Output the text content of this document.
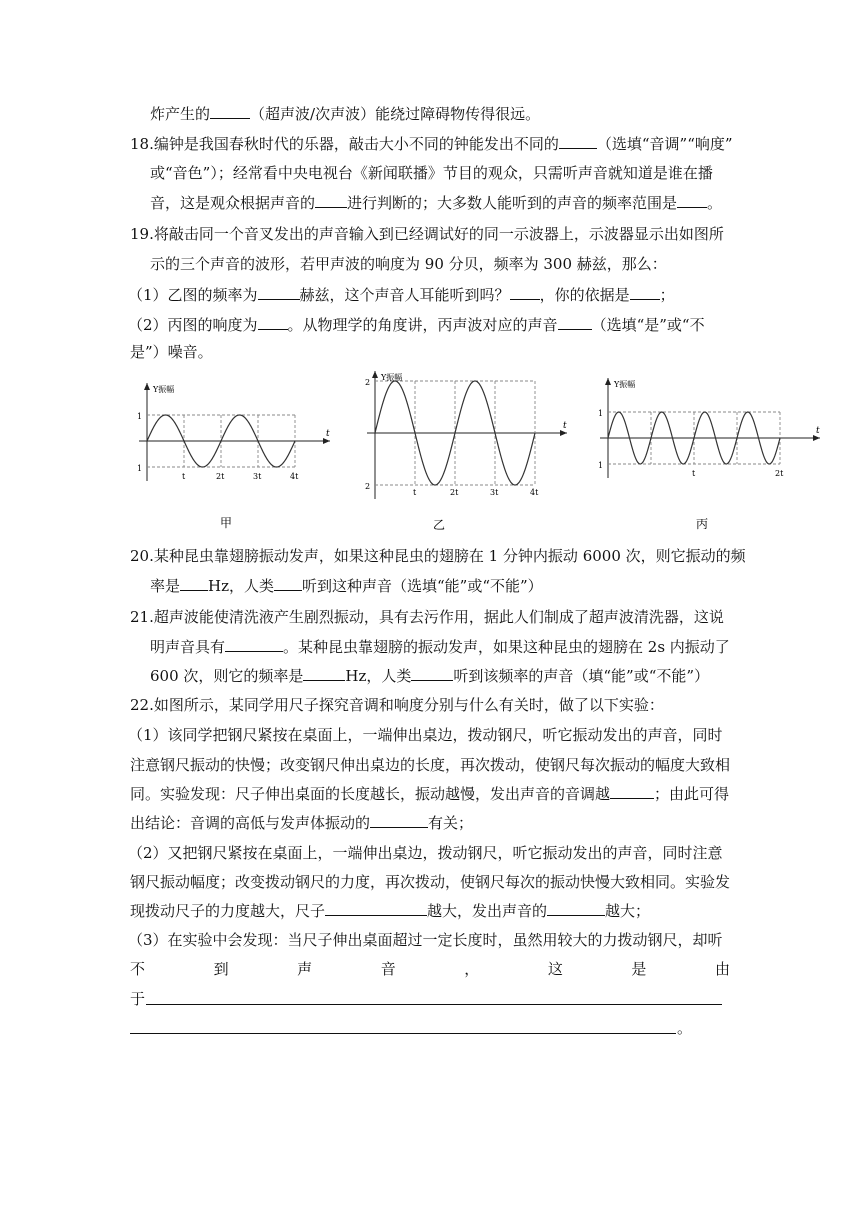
炸产生的	（超声波/次声波）能绕过障碍物传得很远。
18.编钟是我国春秋时代的乐器，敲击大小不同的钟能发出不同的	（选填“音调”“响度”
或“音色”）；经常看中央电视台《新闻联播》节目的观众，只需听声音就知道是谁在播
音，这是观众根据声音的 进行判断的；大多数人能听到的声音的频率范围是 。
19.将敲击同一个音叉发出的声音输入到已经调试好的同一示波器上，示波器显示出如图所
示的三个声音的波形，若甲声波的响度为 90 分贝，频率为 300 赫兹，那么：
（1）乙图的频率为	赫兹，这个声音人耳能听到吗？ ，你的依据是 ；
（2）丙图的响度为 。从物理学的角度讲，丙声波对应的声音 （选填“是”或“不
是”）噪音。
Y振幅
t
1
1
t	2t	3t	4t
甲
Y振幅
t
2
2
t	2t	3t	4t
乙
Y振幅
t
1
1
t	2t
丙
20.某种昆虫靠翅膀振动发声，如果这种昆虫的翅膀在 1 分钟内振动 6000 次，则它振动的频
率是 Hz，人类 听到这种声音（选填“能”或“不能”）
21.超声波能使清洗液产生剧烈振动，具有去污作用，据此人们制成了超声波清洗器，这说
明声音具有	。某种昆虫靠翅膀的振动发声，如果这种昆虫的翅膀在 2s 内振动了
600 次，则它的频率是	Hz，人类	听到该频率的声音（填“能”或“不能”）
22.如图所示，某同学用尺子探究音调和响度分别与什么有关时，做了以下实验：
（1）该同学把钢尺紧按在桌面上，一端伸出桌边，拨动钢尺，听它振动发出的声音，同时
注意钢尺振动的快慢；改变钢尺伸出桌边的长度，再次拨动，使钢尺每次振动的幅度大致相
同。实验发现：尺子伸出桌面的长度越长，振动越慢，发出声音的音调越	；由此可得
出结论：音调的高低与发声体振动的	有关；
（2）又把钢尺紧按在桌面上，一端伸出桌边，拨动钢尺，听它振动发出的声音，同时注意
钢尺振动幅度；改变拨动钢尺的力度，再次拨动，使钢尺每次的振动快慢大致相同。实验发
现拨动尺子的力度越大，尺子	越大，发出声音的	越大；
（3）在实验中会发现：当尺子伸出桌面超过一定长度时，虽然用较大的力拨动钢尺，却听
不	到	声	音	，	这	是	由
于
。
